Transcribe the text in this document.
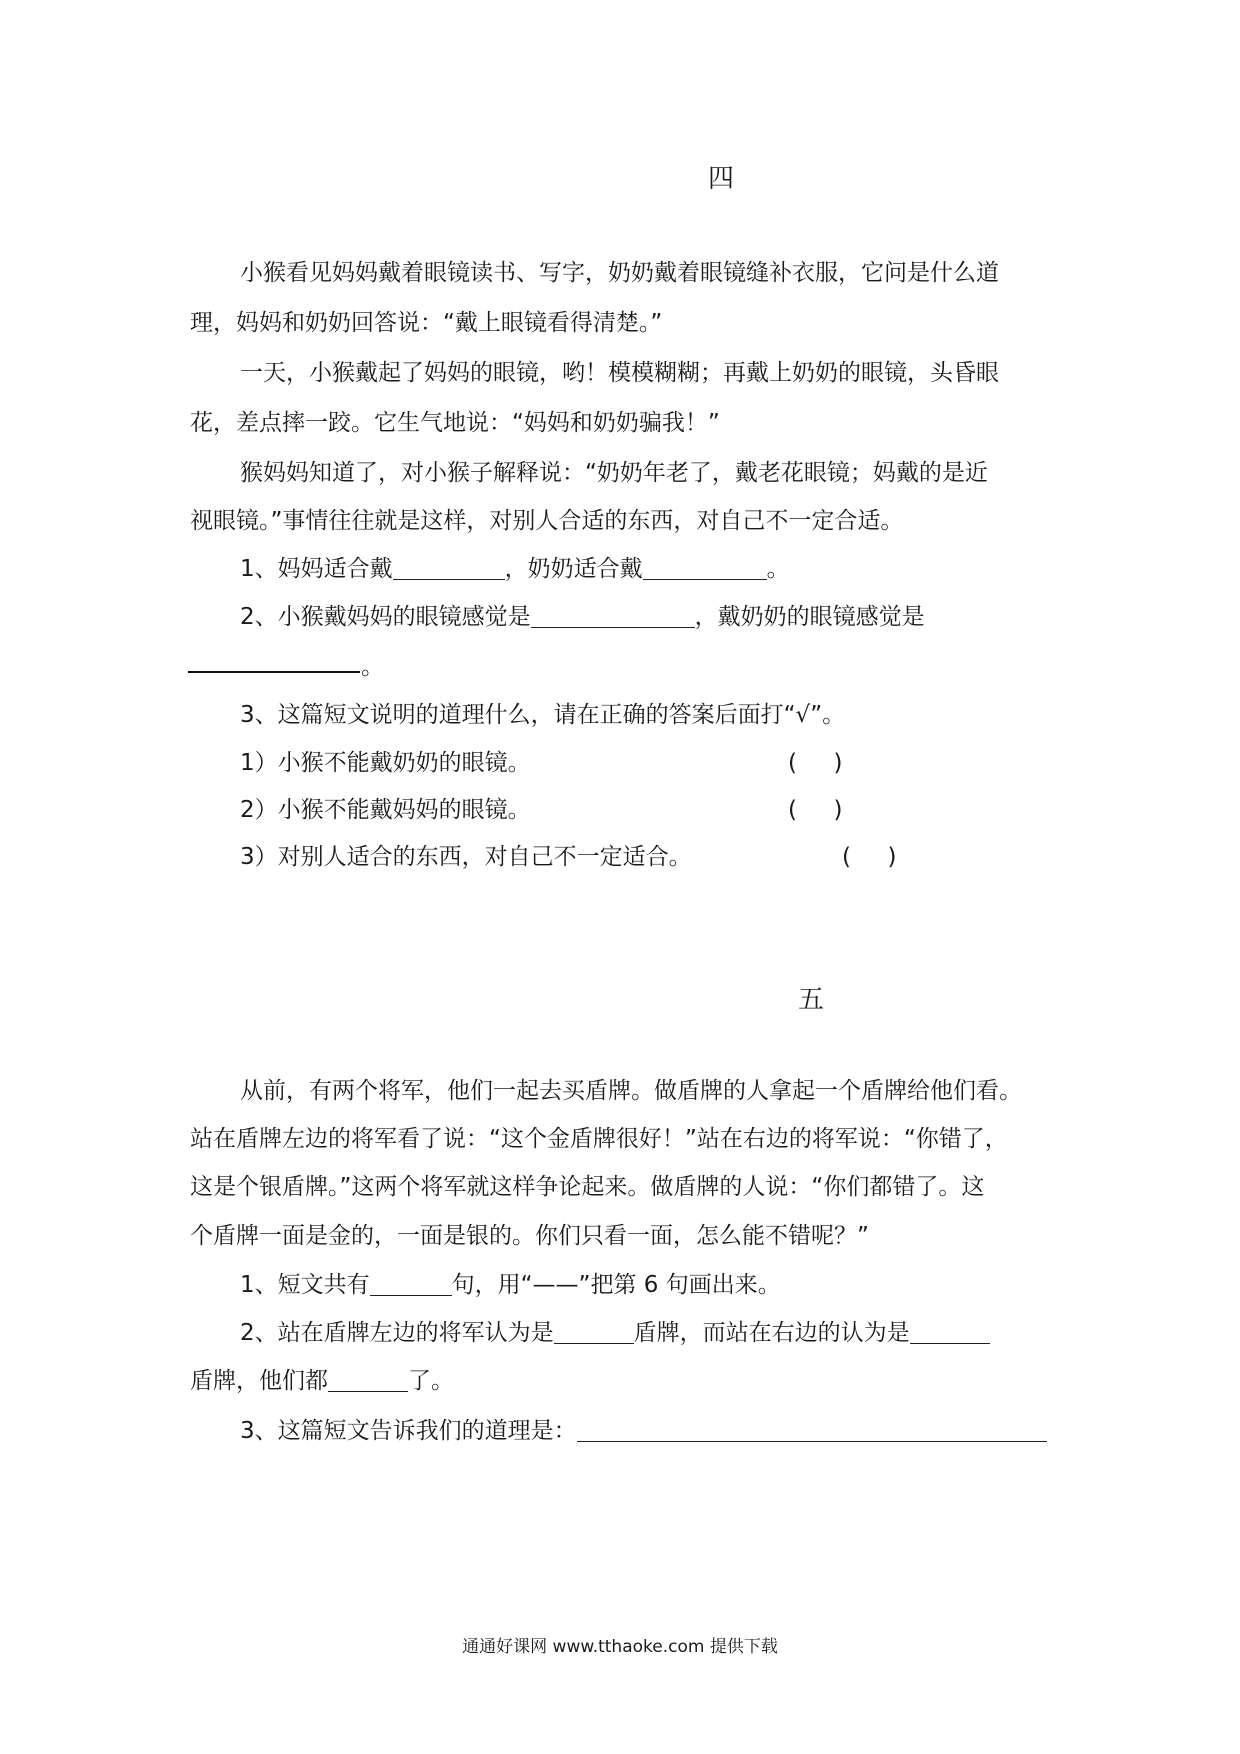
四
小猴看见妈妈戴着眼镜读书、写字，奶奶戴着眼镜缝补衣服，它问是什么道
理，妈妈和奶奶回答说：“戴上眼镜看得清楚。”
一天，小猴戴起了妈妈的眼镜，哟！模模糊糊；再戴上奶奶的眼镜，头昏眼
花，差点摔一跤。它生气地说：“妈妈和奶奶骗我！”
猴妈妈知道了，对小猴子解释说：“奶奶年老了，戴老花眼镜；妈戴的是近
视眼镜。”事情往往就是这样，对别人合适的东西，对自己不一定合适。
1、妈妈适合戴	，奶奶适合戴	。
2、小猴戴妈妈的眼镜感觉是	，戴奶奶的眼镜感觉是
。
3、这篇短文说明的道理什么，请在正确的答案后面打“√”。
1）小猴不能戴奶奶的眼镜。	(     )
2）小猴不能戴妈妈的眼镜。	(     )
3）对别人适合的东西，对自己不一定适合。	(     )
五
从前，有两个将军，他们一起去买盾牌。做盾牌的人拿起一个盾牌给他们看。
站在盾牌左边的将军看了说：“这个金盾牌很好！”站在右边的将军说：“你错了，
这是个银盾牌。”这两个将军就这样争论起来。做盾牌的人说：“你们都错了。这
个盾牌一面是金的，一面是银的。你们只看一面，怎么能不错呢？”
1、短文共有	句，用“——”把第 6 句画出来。
2、站在盾牌左边的将军认为是	盾牌，而站在右边的认为是
盾牌，他们都	了。
3、这篇短文告诉我们的道理是：
通通好课网 www.tthaoke.com 提供下载
